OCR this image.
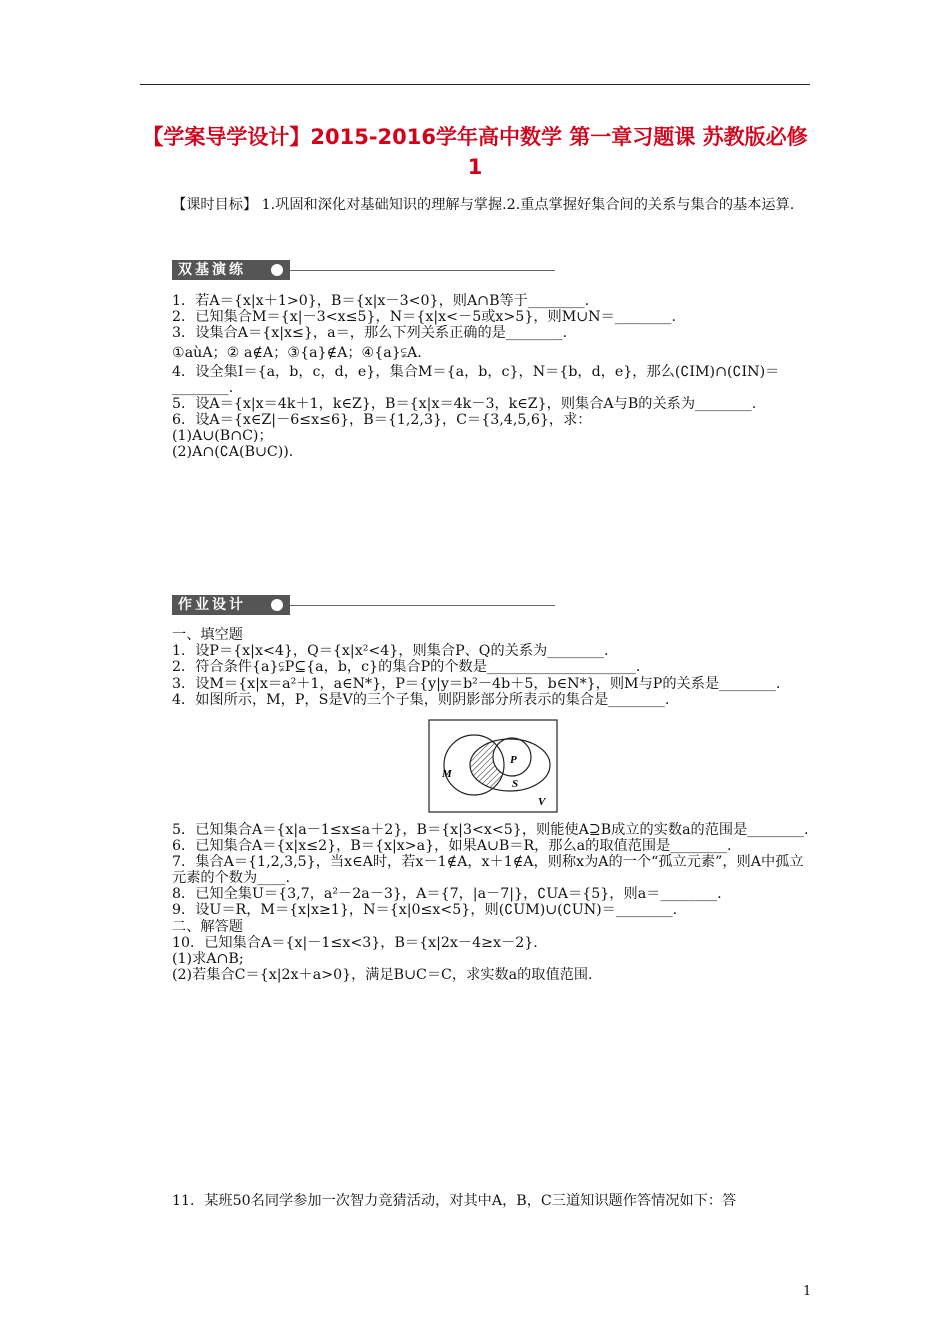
【学案导学设计】2015-2016学年高中数学 第一章习题课 苏教版必修1
【课时目标】 1.巩固和深化对基础知识的理解与掌握.2.重点掌握好集合间的关系与集合的基本运算.
双基演练
1．若A＝{x|x＋1>0}，B＝{x|x－3<0}，则A∩B等于________.
2．已知集合M＝{x|－3<x≤5}，N＝{x|x<－5或x>5}，则M∪N＝________.
3．设集合A＝{x|x≤}，a＝，那么下列关系正确的是________.
①aùA；② a∉A；③{a}∉A；④{a}⫋A.
4．设全集I＝{a，b，c，d，e}，集合M＝{a，b，c}，N＝{b，d，e}，那么(∁IM)∩(∁IN)＝________.
5．设A＝{x|x＝4k＋1，k∈Z}，B＝{x|x＝4k－3，k∈Z}，则集合A与B的关系为________.
6．设A＝{x∈Z|－6≤x≤6}，B＝{1,2,3}，C＝{3,4,5,6}，求：
(1)A∪(B∩C)；
(2)A∩(∁A(B∪C)).
作业设计
一、填空题
1．设P＝{x|x<4}，Q＝{x|x²<4}，则集合P、Q的关系为________.
2．符合条件{a}⫋P⊆{a，b，c}的集合P的个数是_____________________.
3．设M＝{x|x＝a²＋1，a∈N*}，P＝{y|y＝b²－4b＋5，b∈N*}，则M与P的关系是________.
4．如图所示，M，P，S是V的三个子集，则阴影部分所表示的集合是________.
M
P
S
V
5．已知集合A＝{x|a－1≤x≤a＋2}，B＝{x|3<x<5}，则能使A⊇B成立的实数a的范围是________.
6．已知集合A＝{x|x≤2}，B＝{x|x>a}，如果A∪B＝R，那么a的取值范围是________.
7．集合A＝{1,2,3,5}，当x∈A时，若x－1∉A，x＋1∉A，则称x为A的一个“孤立元素”，则A中孤立元素的个数为____.
8．已知全集U＝{3,7，a²－2a－3}，A＝{7，|a－7|}，∁UA＝{5}，则a＝________.
9．设U＝R，M＝{x|x≥1}，N＝{x|0≤x<5}，则(∁UM)∪(∁UN)＝________.
二、解答题
10．已知集合A＝{x|－1≤x<3}，B＝{x|2x－4≥x－2}.
(1)求A∩B;
(2)若集合C＝{x|2x＋a>0}，满足B∪C＝C，求实数a的取值范围.
11．某班50名同学参加一次智力竞猜活动，对其中A，B，C三道知识题作答情况如下：答
1
